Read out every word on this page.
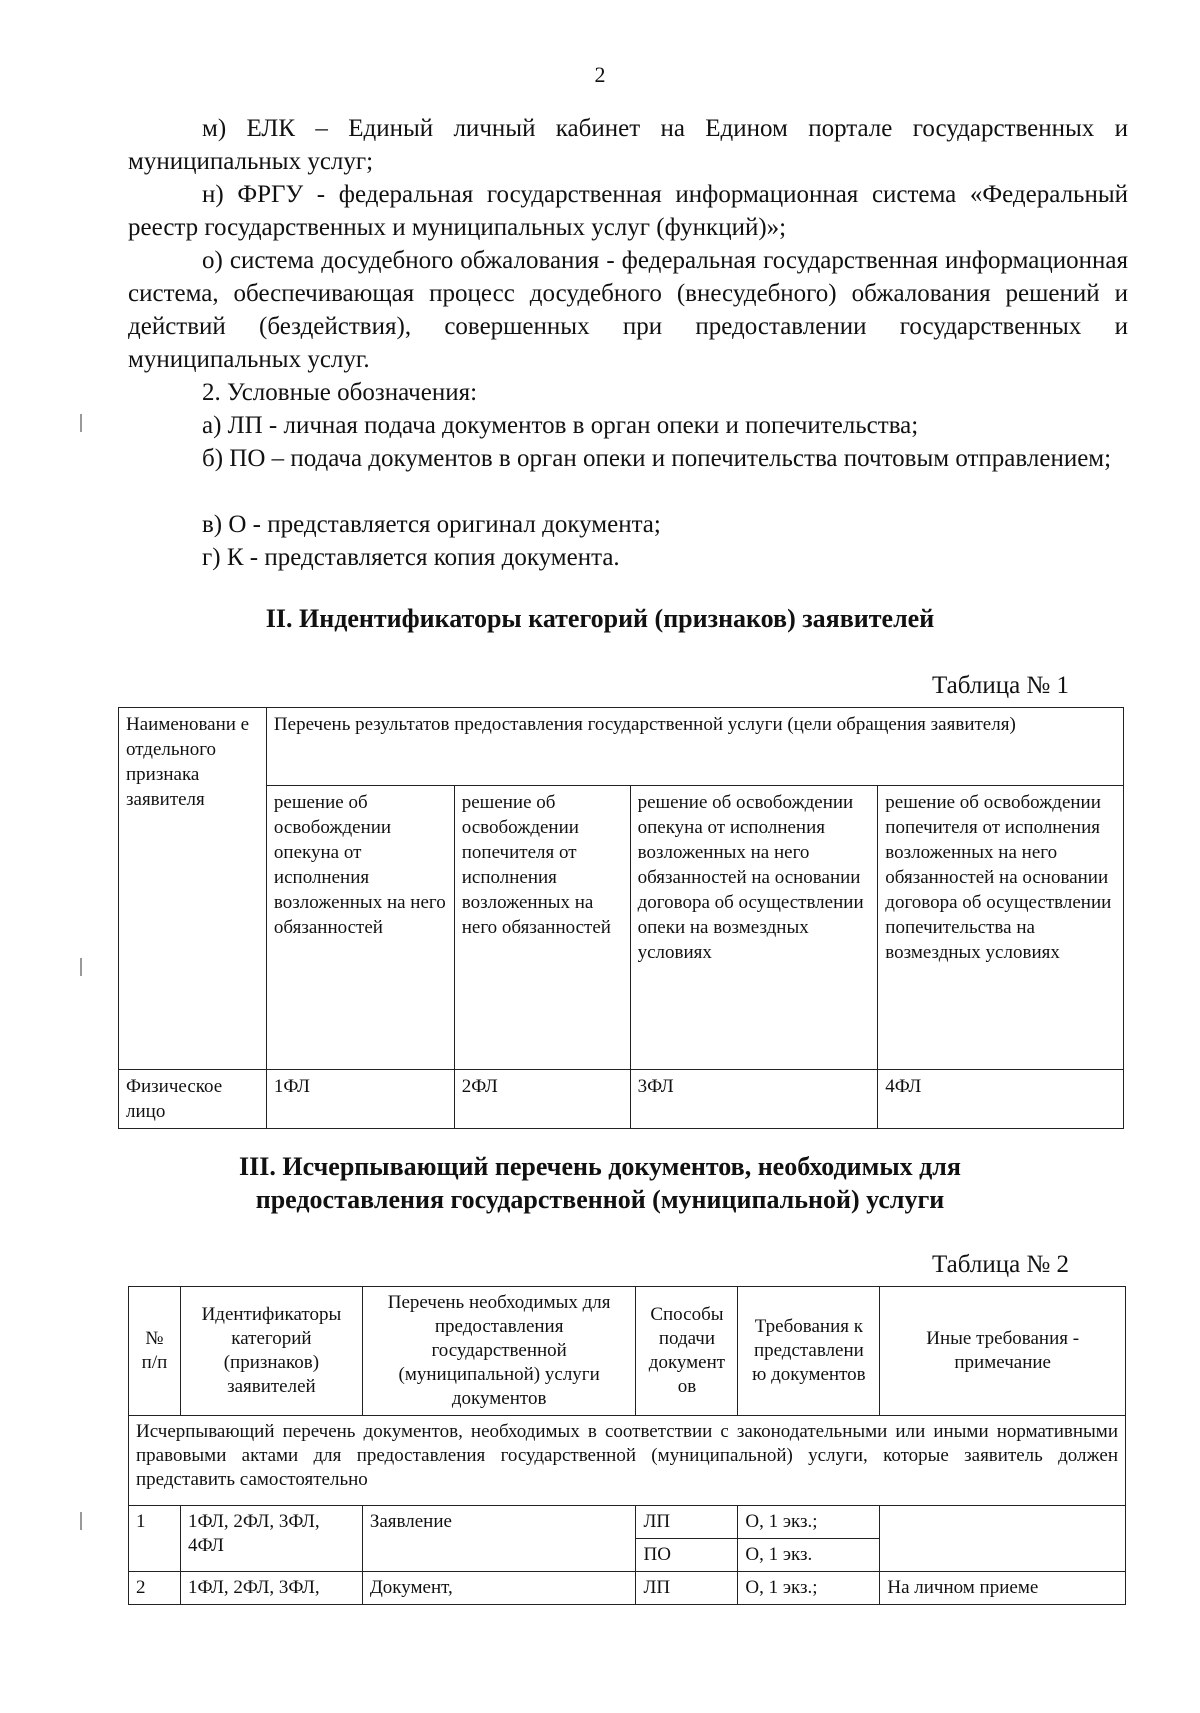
2
м) ЕЛК – Единый личный кабинет на Едином портале государственных и муниципальных услуг;
н) ФРГУ - федеральная государственная информационная система «Федеральный реестр государственных и муниципальных услуг (функций)»;
о) система досудебного обжалования - федеральная государственная информационная система, обеспечивающая процесс досудебного (внесудебного) обжалования решений и действий (бездействия), совершенных при предоставлении государственных и муниципальных услуг.
2. Условные обозначения:
а) ЛП - личная подача документов в орган опеки и попечительства;
б) ПО – подача документов в орган опеки и попечительства почтовым отправлением;
в) О - представляется оригинал документа;
г) К - представляется копия документа.
II. Индентификаторы категорий (признаков) заявителей
Таблица № 1
Наименовани е отдельного признака заявителя	Перечень результатов предоставления государственной услуги (цели обращения заявителя)			
	решение об освобождении опекуна от исполнения возложенных на него обязанностей	решение об освобождении попечителя от исполнения возложенных на него обязанностей	решение об освобождении опекуна от исполнения возложенных на него обязанностей на основании договора об осуществлении опеки на возмездных условиях	решение об освобождении попечителя от исполнения возложенных на него обязанностей на основании договора об осуществлении попечительства на возмездных условиях
Физическое лицо	1ФЛ	2ФЛ	3ФЛ	4ФЛ
III. Исчерпывающий перечень документов, необходимых для
предоставления государственной (муниципальной) услуги
Таблица № 2
№ п/п	Идентификаторы категорий (признаков) заявителей	Перечень необходимых для предоставления государственной (муниципальной) услуги документов	Способы подачи документ ов	Требования к представлени ю документов	Иные требования - примечание
Исчерпывающий перечень документов, необходимых в соответствии с законодательными или иными нормативными правовыми актами для предоставления государственной (муниципальной) услуги, которые заявитель должен представить самостоятельно					
1	1ФЛ, 2ФЛ, 3ФЛ, 4ФЛ	Заявление	ЛП	О, 1 экз.;	
			ПО	О, 1 экз.	
2	1ФЛ, 2ФЛ, 3ФЛ,	Документ,	ЛП	О, 1 экз.;	На личном приеме
